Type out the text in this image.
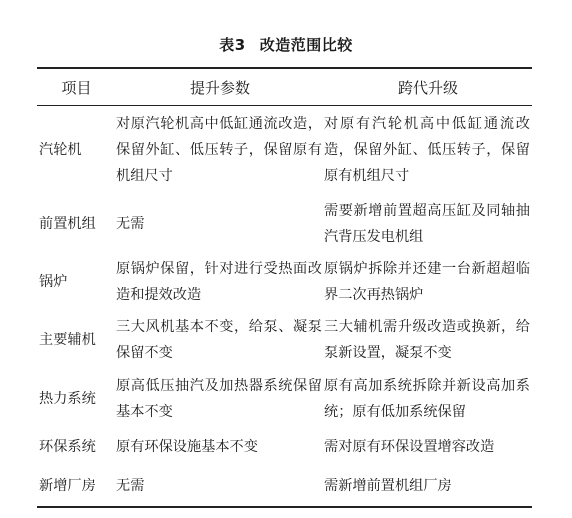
表3 改造范围比较
项目	提升参数	跨代升级
汽轮机	对原汽轮机高中低缸通流改造，保留外缸、低压转子，保留原有机组尺寸	对原有汽轮机高中低缸通流改造，保留外缸、低压转子，保留原有机组尺寸
前置机组	无需	需要新增前置超高压缸及同轴抽汽背压发电机组
锅炉	原锅炉保留，针对进行受热面改造和提效改造	原锅炉拆除并还建一台新超超临界二次再热锅炉
主要辅机	三大风机基本不变，给泵、凝泵保留不变	三大辅机需升级改造或换新，给泵新设置，凝泵不变
热力系统	原高低压抽汽及加热器系统保留基本不变	原有高加系统拆除并新设高加系统；原有低加系统保留
环保系统	原有环保设施基本不变	需对原有环保设置增容改造
新增厂房	无需	需新增前置机组厂房
